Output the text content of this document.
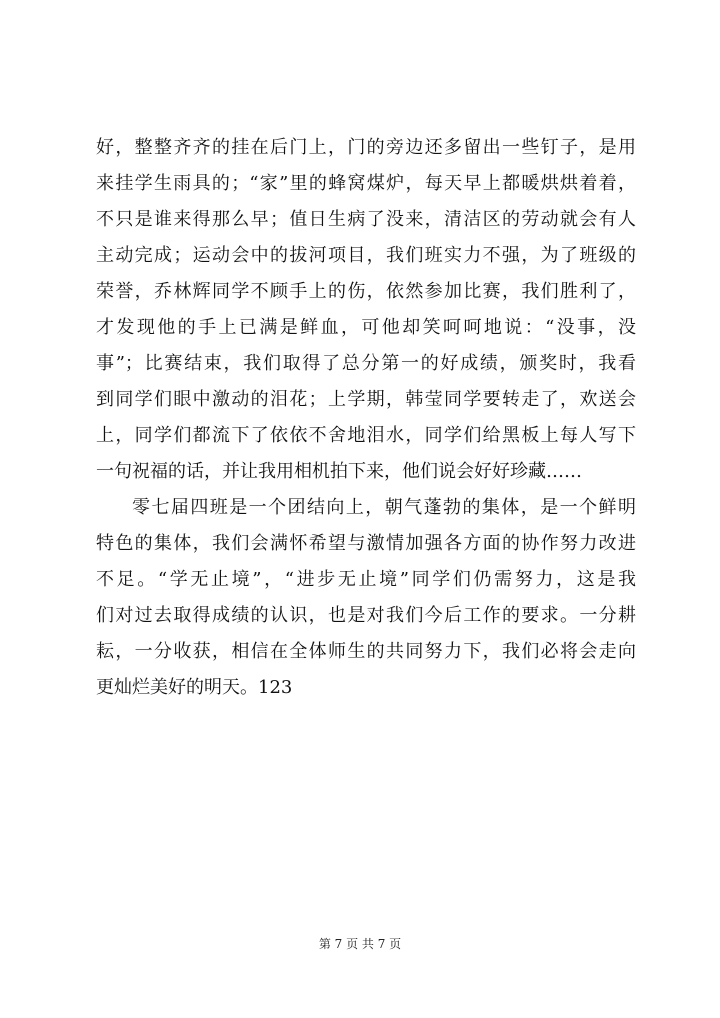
好，整整齐齐的挂在后门上，门的旁边还多留出一些钉子，是用
来挂学生雨具的；“家”里的蜂窝煤炉，每天早上都暖烘烘着着，
不只是谁来得那么早；值日生病了没来，清洁区的劳动就会有人
主动完成；运动会中的拔河项目，我们班实力不强，为了班级的
荣誉，乔林辉同学不顾手上的伤，依然参加比赛，我们胜利了，
才发现他的手上已满是鲜血，可他却笑呵呵地说：“没事，没
事”；比赛结束，我们取得了总分第一的好成绩，颁奖时，我看
到同学们眼中激动的泪花；上学期，韩莹同学要转走了，欢送会
上，同学们都流下了依依不舍地泪水，同学们给黑板上每人写下
一句祝福的话，并让我用相机拍下来，他们说会好好珍藏……
零七届四班是一个团结向上，朝气蓬勃的集体，是一个鲜明
特色的集体，我们会满怀希望与激情加强各方面的协作努力改进
不足。“学无止境”，“进步无止境”同学们仍需努力，这是我
们对过去取得成绩的认识，也是对我们今后工作的要求。一分耕
耘，一分收获，相信在全体师生的共同努力下，我们必将会走向
更灿烂美好的明天。123
第 7 页 共 7 页
